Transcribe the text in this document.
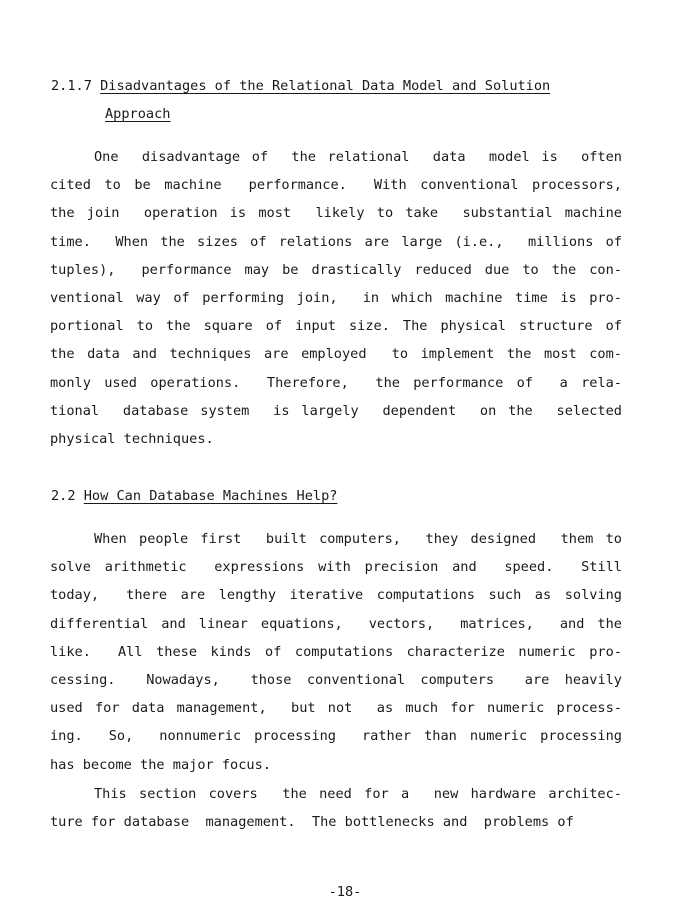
2.1.7 Disadvantages of the Relational Data Model and Solution
Approach
One  disadvantage of  the relational  data  model is  often
cited to be machine  performance.  With conventional processors,
the join  operation is most  likely to take  substantial machine
time.  When the sizes of relations are large (i.e.,  millions of
tuples),  performance may be drastically reduced due to the con-
ventional way of performing join,  in which machine time is pro-
portional to the square of input size. The physical structure of
the data and techniques are employed  to implement the most com-
monly used operations.  Therefore,  the performance of  a rela-
tional  database system  is largely  dependent  on the  selected
physical techniques.
2.2 How Can Database Machines Help?
When people first  built computers,  they designed  them to
solve arithmetic  expressions with precision and  speed.  Still
today,  there are lengthy iterative computations such as solving
differential and linear equations,  vectors,  matrices,  and the
like.  All these kinds of computations characterize numeric pro-
cessing.  Nowadays,  those conventional computers  are heavily
used for data management,  but not  as much for numeric process-
ing.  So,  nonnumeric processing  rather than numeric processing
has become the major focus.
This section covers  the need for a  new hardware architec-
ture for database  management.  The bottlenecks and  problems of
-18-
